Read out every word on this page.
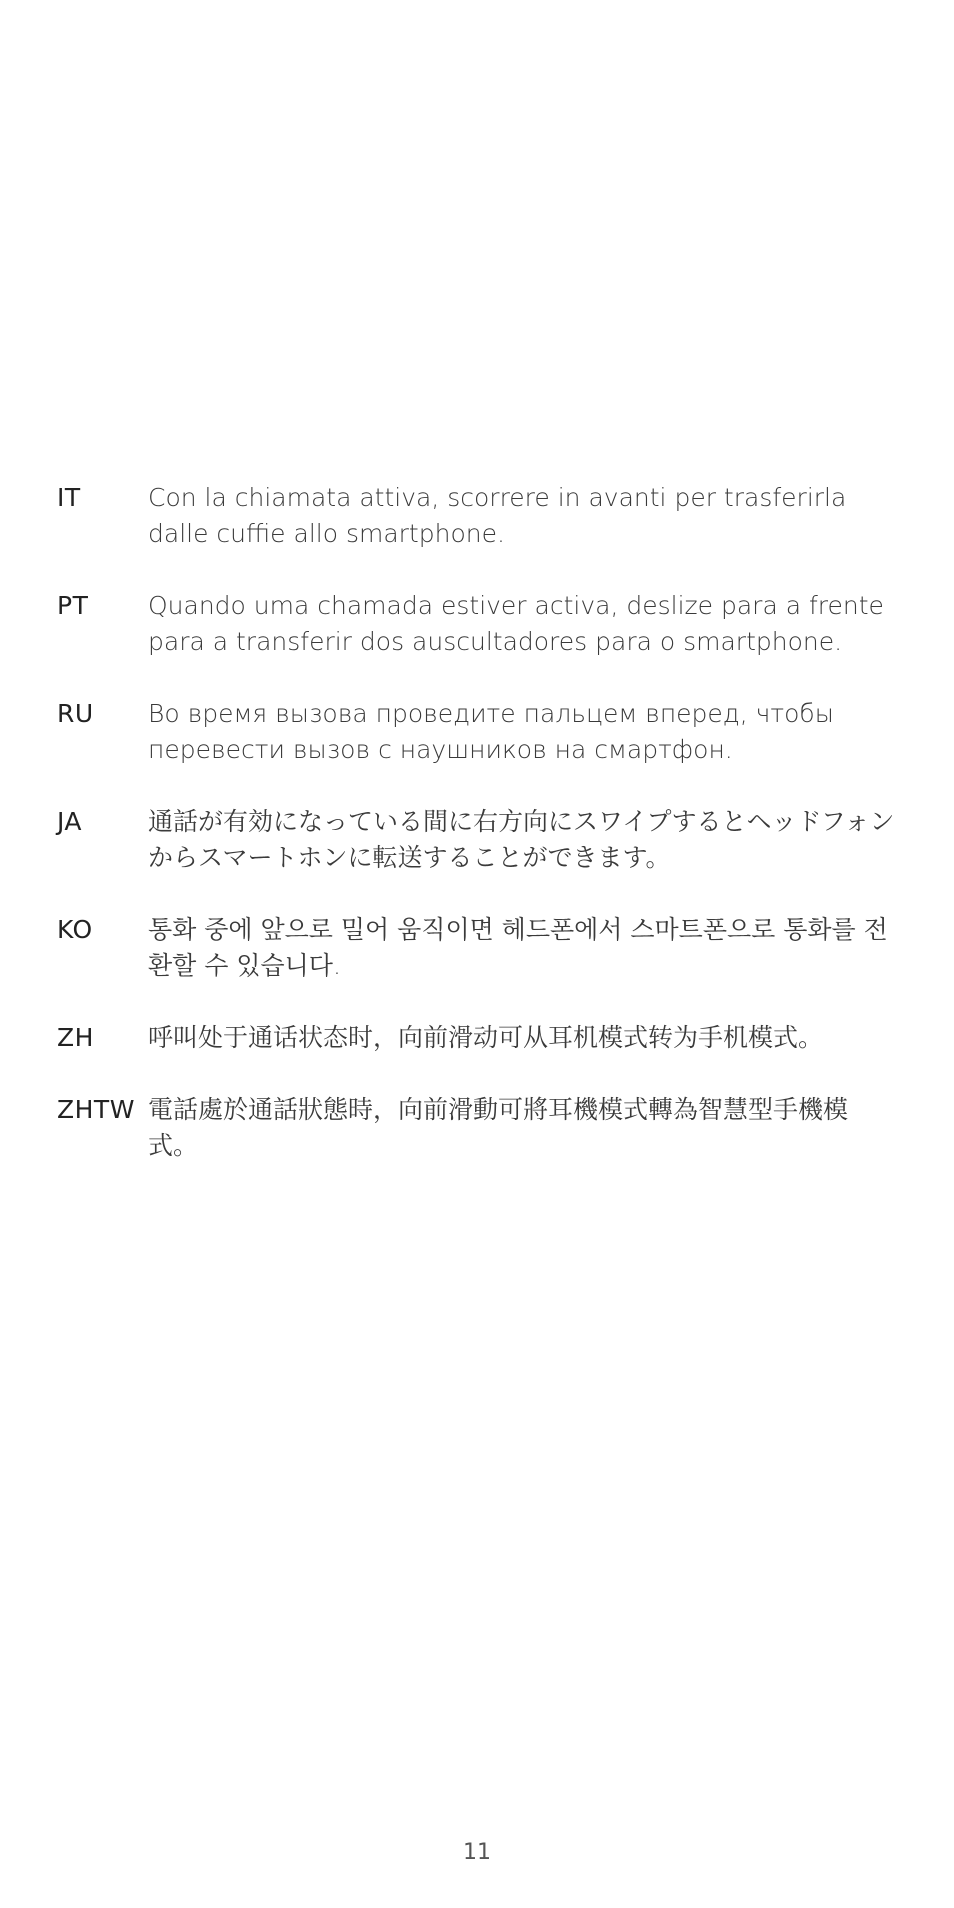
IT	Con la chiamata attiva, scorrere in avanti per trasferirla dalle cuffie allo smartphone.
PT	Quando uma chamada estiver activa, deslize para a frente para a transferir dos auscultadores para o smartphone.
RU	Во время вызова проведите пальцем вперед, чтобы перевести вызов с наушников на смартфон.
JA	通話が有効になっている間に右方向にスワイプするとヘッドフォンからスマートホンに転送することができます。
KO	통화 중에 앞으로 밀어 움직이면 헤드폰에서 스마트폰으로 통화를 전환할 수 있습니다.
ZH	呼叫处于通话状态时，向前滑动可从耳机模式转为手机模式。
ZHTW 電話處於通話狀態時，向前滑動可將耳機模式轉為智慧型手機模式。
11
